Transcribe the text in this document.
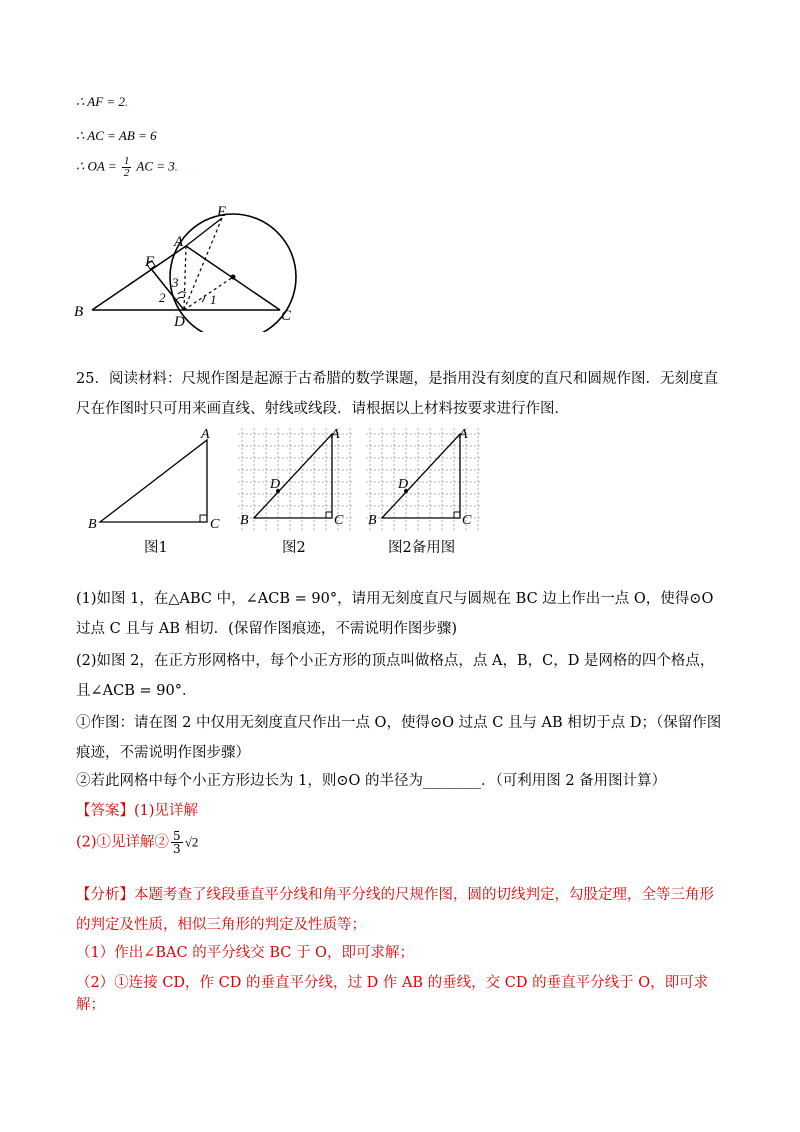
∴ AF = 2.
∴ AC = AB = 6
∴ OA = $\frac{1}{2}$ AC = 3.
E
A
F
B
D	C
1
2
3
25．阅读材料：尺规作图是起源于古希腊的数学课题，是指用没有刻度的直尺和圆规作图．无刻度直尺在作图时只可用来画直线、射线或线段．请根据以上材料按要求进行作图．
A
B	C
图1
A
B	C
D
图2
A
B	C
D
图2备用图
(1)如图 1，在△ABC 中，∠ACB = 90°，请用无刻度直尺与圆规在 BC 边上作出一点 O，使得⊙O 过点 C 且与 AB 相切．(保留作图痕迹，不需说明作图步骤)
(2)如图 2，在正方形网格中，每个小正方形的顶点叫做格点，点 A，B，C，D 是网格的四个格点，且∠ACB = 90°．
①作图：请在图 2 中仅用无刻度直尺作出一点 O，使得⊙O 过点 C 且与 AB 相切于点 D；（保留作图痕迹，不需说明作图步骤）
②若此网格中每个小正方形边长为 1，则⊙O 的半径为________．（可利用图 2 备用图计算）
【答案】(1)见详解
(2)①见详解② $\frac{5}{3} √2$
【分析】本题考查了线段垂直平分线和角平分线的尺规作图，圆的切线判定，勾股定理，全等三角形的判定及性质，相似三角形的判定及性质等；
（1）作出∠BAC 的平分线交 BC 于 O，即可求解；
（2）①连接 CD，作 CD 的垂直平分线，过 D 作 AB 的垂线，交 CD 的垂直平分线于 O，即可求解；
